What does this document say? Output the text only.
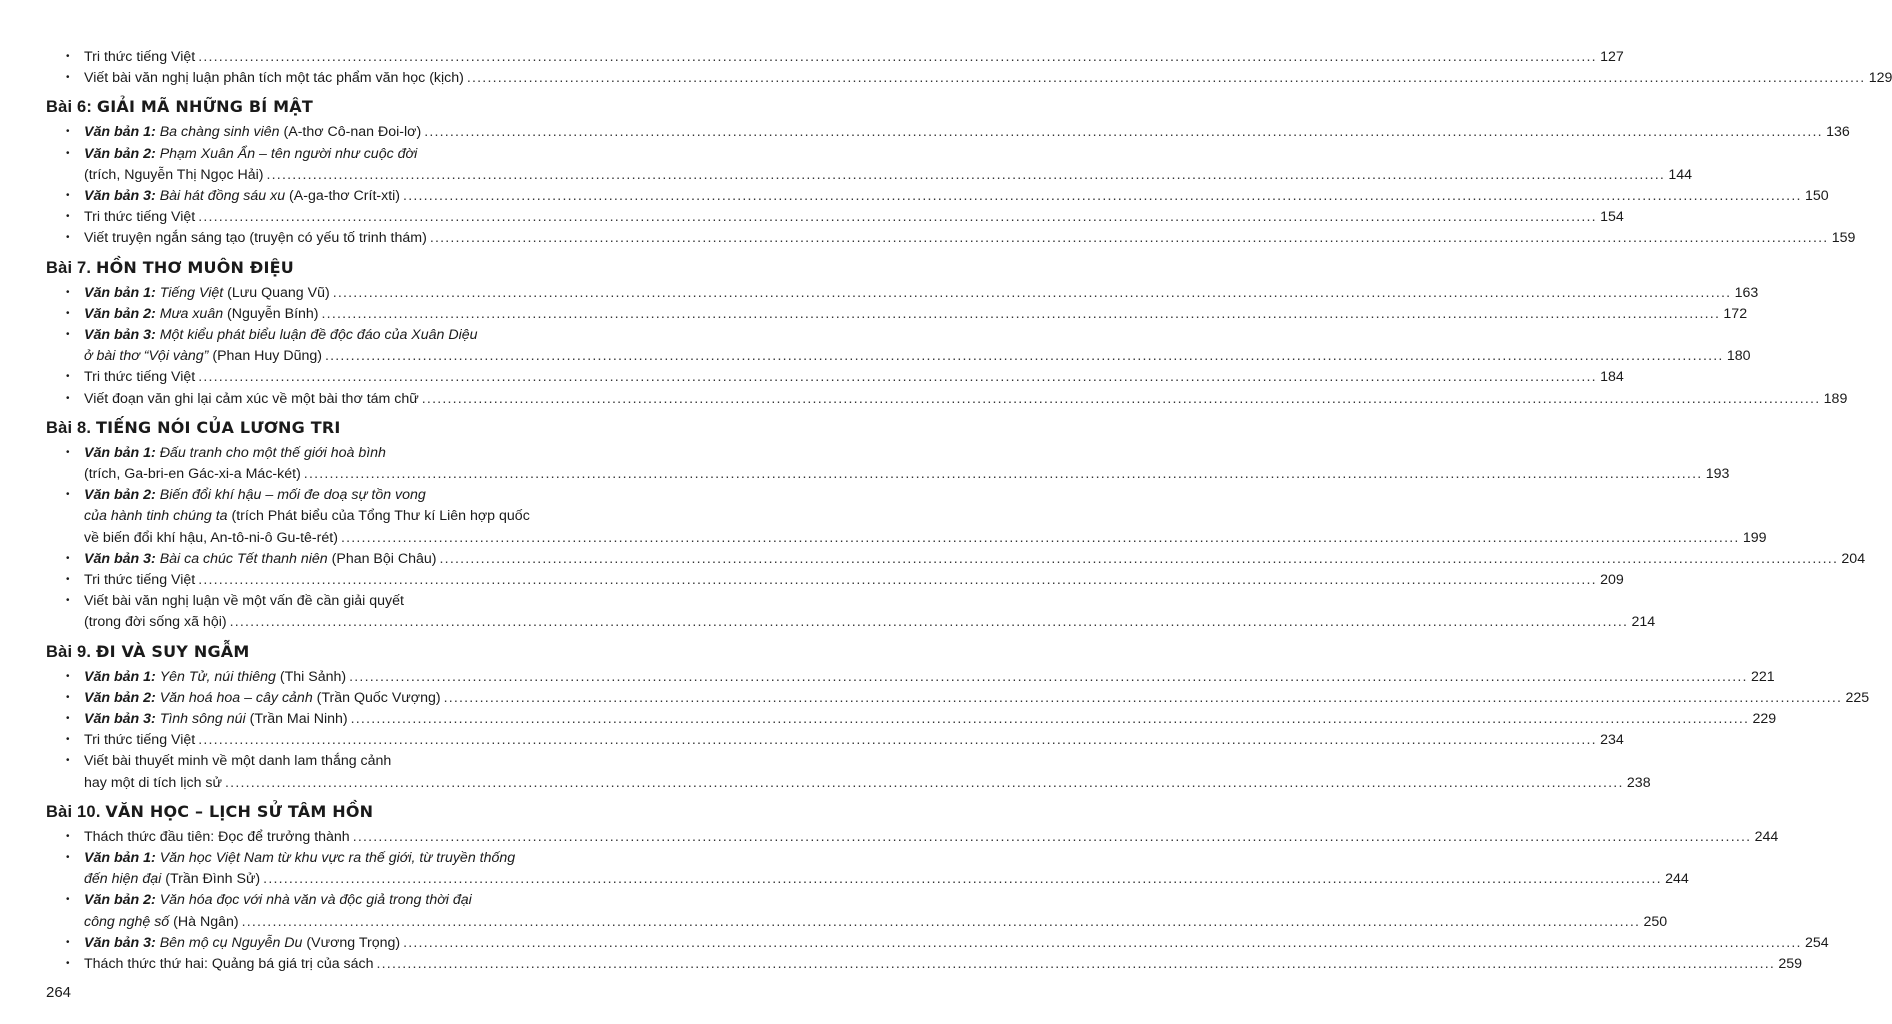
• Tri thức tiếng Việt ................................................................................................................................................................................................................................................................................ 127
• Viết bài văn nghị luận phân tích một tác phẩm văn học (kịch) ................................................................................................................................................................................................................................................................................ 129
Bài 6: GIẢI MÃ NHỮNG BÍ MẬT
• Văn bản 1: Ba chàng sinh viên (A-thơ Cô-nan Đoi-lơ) ................................................................................................................................................................................................................................................................................ 136
• Văn bản 2: Phạm Xuân Ẩn – tên người như cuộc đời
(trích, Nguyễn Thị Ngọc Hải) ................................................................................................................................................................................................................................................................................ 144
• Văn bản 3: Bài hát đồng sáu xu (A-ga-thơ Crít-xti) ................................................................................................................................................................................................................................................................................ 150
• Tri thức tiếng Việt ................................................................................................................................................................................................................................................................................ 154
• Viết truyện ngắn sáng tạo (truyện có yếu tố trinh thám) ................................................................................................................................................................................................................................................................................ 159
Bài 7. HỒN THƠ MUÔN ĐIỆU
• Văn bản 1: Tiếng Việt (Lưu Quang Vũ) ................................................................................................................................................................................................................................................................................ 163
• Văn bản 2: Mưa xuân (Nguyễn Bính) ................................................................................................................................................................................................................................................................................ 172
• Văn bản 3: Một kiểu phát biểu luận đề độc đáo của Xuân Diệu
ở bài thơ “Vội vàng” (Phan Huy Dũng) ................................................................................................................................................................................................................................................................................ 180
• Tri thức tiếng Việt ................................................................................................................................................................................................................................................................................ 184
• Viết đoạn văn ghi lại cảm xúc về một bài thơ tám chữ ................................................................................................................................................................................................................................................................................ 189
Bài 8. TIẾNG NÓI CỦA LƯƠNG TRI
• Văn bản 1: Đấu tranh cho một thế giới hoà bình
(trích, Ga-bri-en Gác-xi-a Mác-két) ................................................................................................................................................................................................................................................................................ 193
• Văn bản 2: Biến đổi khí hậu – mối đe doạ sự tồn vong
của hành tinh chúng ta (trích Phát biểu của Tổng Thư kí Liên hợp quốc
về biến đổi khí hậu, An-tô-ni-ô Gu-tê-rét) ................................................................................................................................................................................................................................................................................ 199
• Văn bản 3: Bài ca chúc Tết thanh niên (Phan Bội Châu) ................................................................................................................................................................................................................................................................................ 204
• Tri thức tiếng Việt ................................................................................................................................................................................................................................................................................ 209
• Viết bài văn nghị luận về một vấn đề cần giải quyết
(trong đời sống xã hội) ................................................................................................................................................................................................................................................................................ 214
Bài 9. ĐI VÀ SUY NGẪM
• Văn bản 1: Yên Tử, núi thiêng (Thi Sảnh) ................................................................................................................................................................................................................................................................................ 221
• Văn bản 2: Văn hoá hoa – cây cảnh (Trần Quốc Vượng) ................................................................................................................................................................................................................................................................................ 225
• Văn bản 3: Tình sông núi (Trần Mai Ninh) ................................................................................................................................................................................................................................................................................ 229
• Tri thức tiếng Việt ................................................................................................................................................................................................................................................................................ 234
• Viết bài thuyết minh về một danh lam thắng cảnh
hay một di tích lịch sử ................................................................................................................................................................................................................................................................................ 238
Bài 10. VĂN HỌC – LỊCH SỬ TÂM HỒN
• Thách thức đầu tiên: Đọc để trưởng thành ................................................................................................................................................................................................................................................................................ 244
• Văn bản 1: Văn học Việt Nam từ khu vực ra thế giới, từ truyền thống
đến hiện đại (Trần Đình Sử) ................................................................................................................................................................................................................................................................................ 244
• Văn bản 2: Văn hóa đọc với nhà văn và độc giả trong thời đại
công nghệ số (Hà Ngân) ................................................................................................................................................................................................................................................................................ 250
• Văn bản 3: Bên mộ cụ Nguyễn Du (Vương Trọng) ................................................................................................................................................................................................................................................................................ 254
• Thách thức thứ hai: Quảng bá giá trị của sách ................................................................................................................................................................................................................................................................................ 259
264
